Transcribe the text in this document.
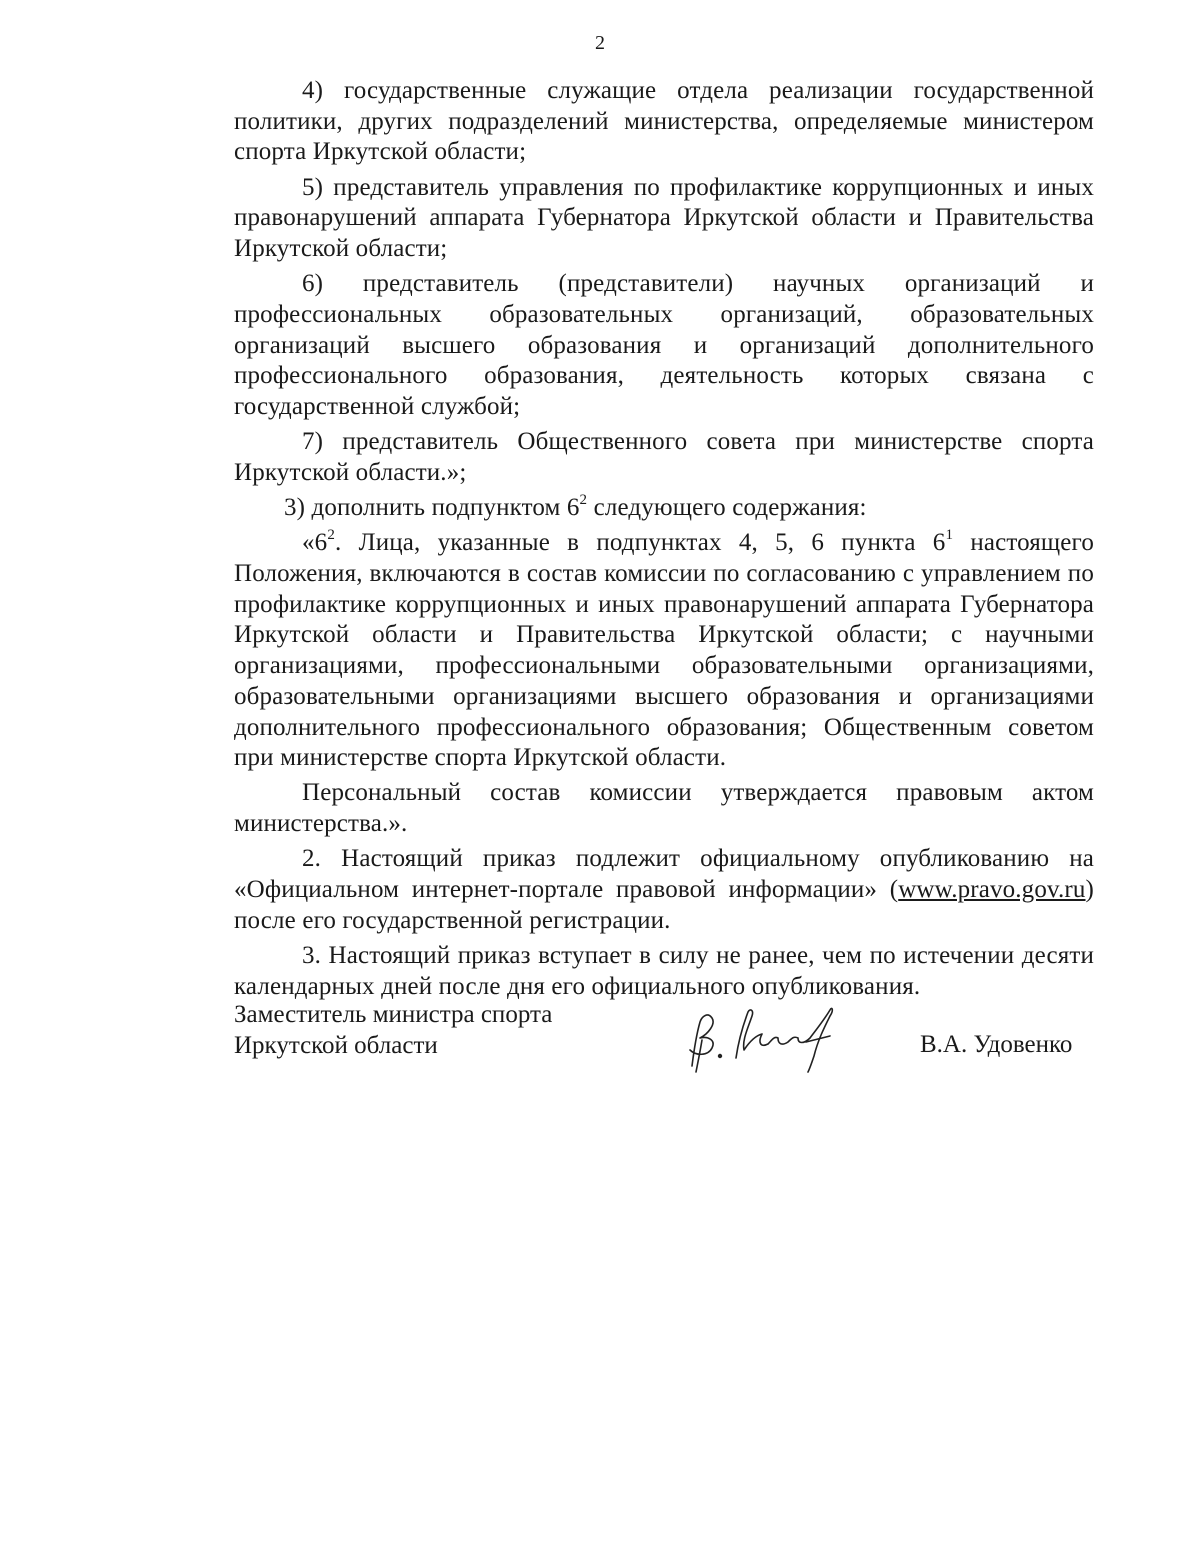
2

4) государственные служащие отдела реализации государственной политики, других подразделений министерства, определяемые министером спорта Иркутской области;

5) представитель управления по профилактике коррупционных и иных правонарушений аппарата Губернатора Иркутской области и Правительства Иркутской области;

6) представитель (представители) научных организаций и профессиональных образовательных организаций, образовательных организаций высшего образования и организаций дополнительного профессионального образования, деятельность которых связана с государственной службой;

7) представитель Общественного совета при министерстве спорта Иркутской области.»;

3) дополнить подпунктом $6^2$ следующего содержания:

«$6^2$. Лица, указанные в подпунктах 4, 5, 6 пункта $6^1$ настоящего Положения, включаются в состав комиссии по согласованию с управлением по профилактике коррупционных и иных правонарушений аппарата Губернатора Иркутской области и Правительства Иркутской области; с научными организациями, профессиональными образовательными организациями, образовательными организациями высшего образования и организациями дополнительного профессионального образования; Общественным советом при министерстве спорта Иркутской области.

Персональный состав комиссии утверждается правовым актом министерства.».

2. Настоящий приказ подлежит официальному опубликованию на «Официальном интернет-портале правовой информации» (www.pravo.gov.ru) после его государственной регистрации.

3. Настоящий приказ вступает в силу не ранее, чем по истечении десяти календарных дней после дня его официального опубликования.

Заместитель министра спорта
Иркутской области	В.А. Удовенко
